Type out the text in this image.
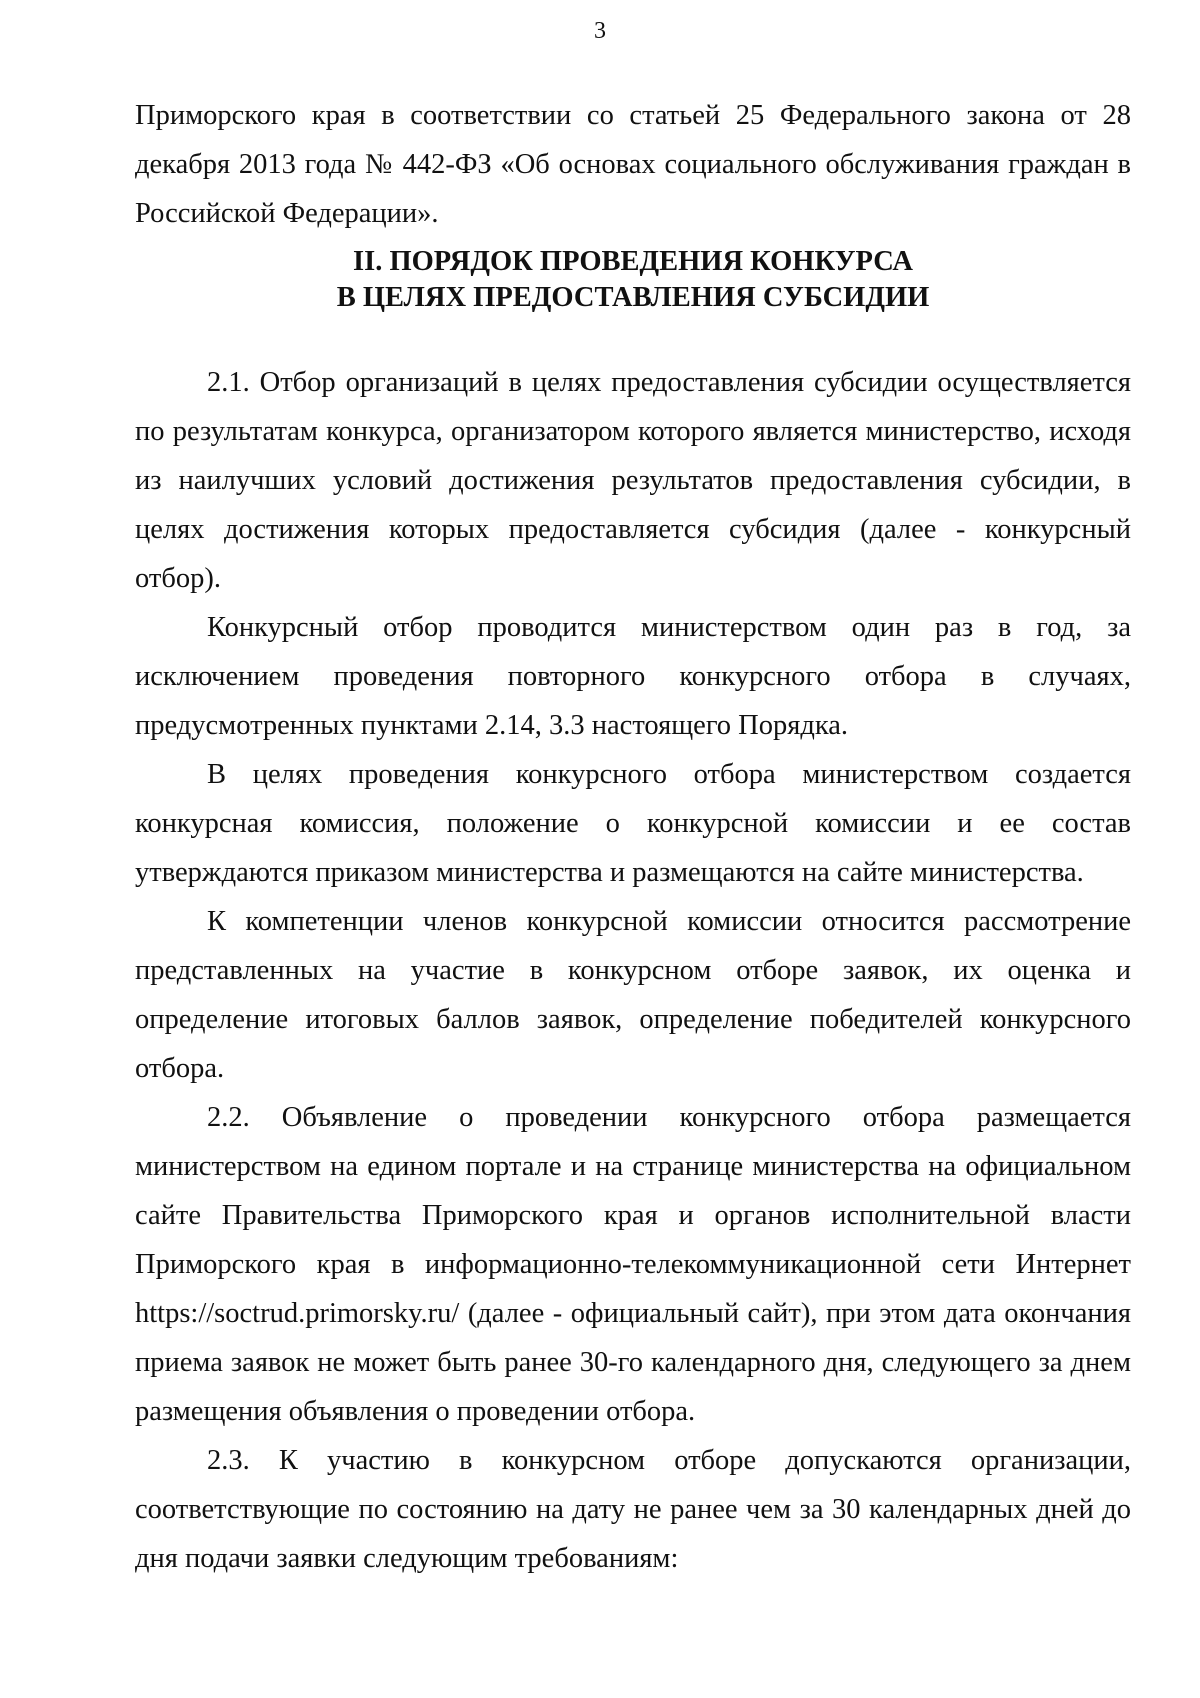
3

Приморского края в соответствии со статьей 25 Федерального закона от 28 декабря 2013 года № 442-ФЗ «Об основах социального обслуживания граждан в Российской Федерации».

II. ПОРЯДОК ПРОВЕДЕНИЯ КОНКУРСА
В ЦЕЛЯХ ПРЕДОСТАВЛЕНИЯ СУБСИДИИ

2.1. Отбор организаций в целях предоставления субсидии осуществляется по результатам конкурса, организатором которого является министерство, исходя из наилучших условий достижения результатов предоставления субсидии, в целях достижения которых предоставляется субсидия (далее - конкурсный отбор).

Конкурсный отбор проводится министерством один раз в год, за исключением проведения повторного конкурсного отбора в случаях, предусмотренных пунктами 2.14, 3.3 настоящего Порядка.

В целях проведения конкурсного отбора министерством создается конкурсная комиссия, положение о конкурсной комиссии и ее состав утверждаются приказом министерства и размещаются на сайте министерства.

К компетенции членов конкурсной комиссии относится рассмотрение представленных на участие в конкурсном отборе заявок, их оценка и определение итоговых баллов заявок, определение победителей конкурсного отбора.

2.2. Объявление о проведении конкурсного отбора размещается министерством на едином портале и на странице министерства на официальном сайте Правительства Приморского края и органов исполнительной власти Приморского края в информационно-телекоммуникационной сети Интернет https://soctrud.primorsky.ru/ (далее - официальный сайт), при этом дата окончания приема заявок не может быть ранее 30-го календарного дня, следующего за днем размещения объявления о проведении отбора.

2.3. К участию в конкурсном отборе допускаются организации, соответствующие по состоянию на дату не ранее чем за 30 календарных дней до дня подачи заявки следующим требованиям:
